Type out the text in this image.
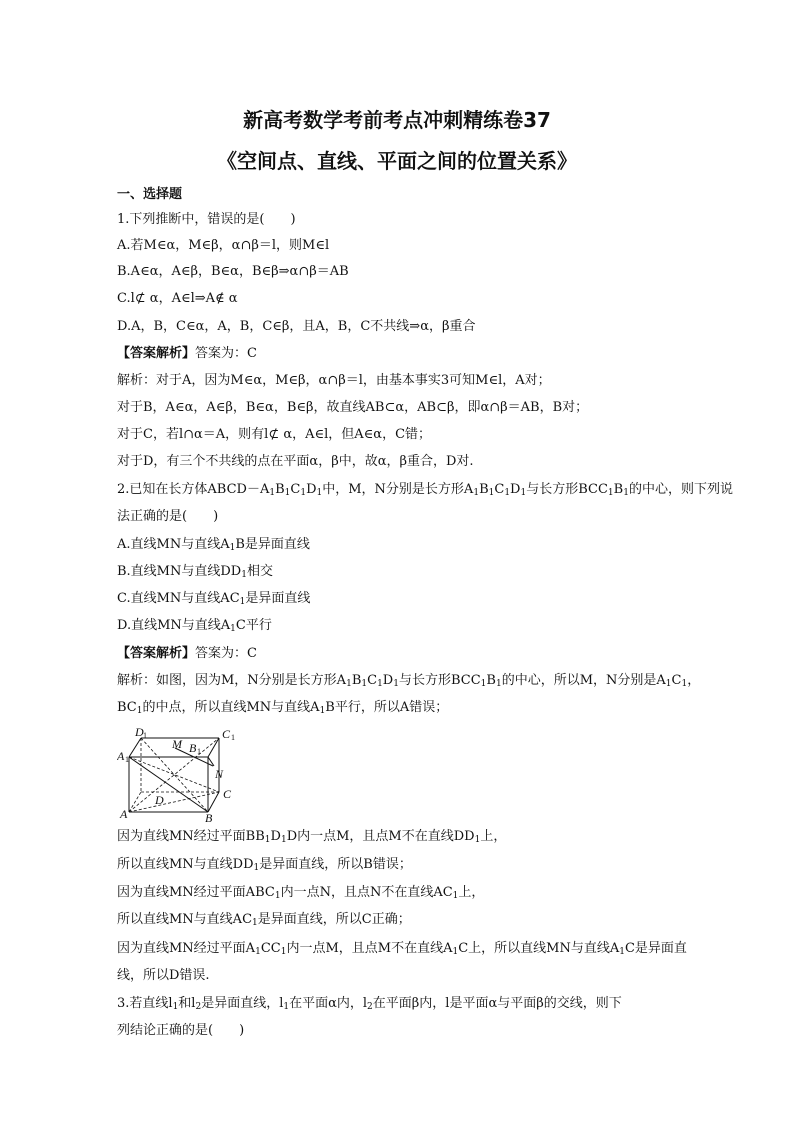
新高考数学考前考点冲刺精练卷37
《空间点、直线、平面之间的位置关系》
一、选择题
1.下列推断中，错误的是(　　)
A.若M∈α，M∈β，α∩β＝l，则M∈l
B.A∈α，A∈β，B∈α，B∈β⇒α∩β＝AB
C.l⊄ α，A∈l⇒A∉ α
D.A，B，C∈α，A，B，C∈β，且A，B，C不共线⇒α，β重合
【答案解析】答案为：C
解析：对于A，因为M∈α，M∈β，α∩β＝l，由基本事实3可知M∈l，A对；
对于B，A∈α，A∈β，B∈α，B∈β，故直线AB⊂α，AB⊂β，即α∩β＝AB，B对；
对于C，若l∩α＝A，则有l⊄ α，A∈l，但A∈α，C错；
对于D，有三个不共线的点在平面α，β中，故α，β重合，D对.
2.已知在长方体$ABCD-A_1B_1C_1D_1$中，M，N分别是长方形$A_1B_1C_1D_1$与长方形$BCC_1B_1$的中心，则下列说
法正确的是(　　)
A.直线MN与直线$A_1B$是异面直线
B.直线MN与直线$DD_1$相交
C.直线MN与直线$AC_1$是异面直线
D.直线MN与直线$A_1C$平行
【答案解析】答案为：C
解析：如图，因为M，N分别是长方形$A_1B_1C_1D_1$与长方形$BCC_1B_1$的中心，所以M，N分别是$A_1C_1$，
$BC_1$的中点，所以直线MN与直线$A_1B$平行，所以A错误；
D 1
M B 1
C 1
A 1
N
D	C
A	B
因为直线MN经过平面$BB_1D_1D$内一点M，且点M不在直线$DD_1$上，
所以直线MN与直线$DD_1$是异面直线，所以B错误；
因为直线MN经过平面$ABC_1$内一点N，且点N不在直线$AC_1$上，
所以直线MN与直线$AC_1$是异面直线，所以C正确；
因为直线MN经过平面$A_1CC_1$内一点M，且点M不在直线$A_1C$上，所以直线MN与直线$A_1C$是异面直
线，所以D错误.
3.若直线$l_1$和$l_2$是异面直线，$l_1$在平面α内，$l_2$在平面β内，l是平面α与平面β的交线，则下
列结论正确的是(　　)
